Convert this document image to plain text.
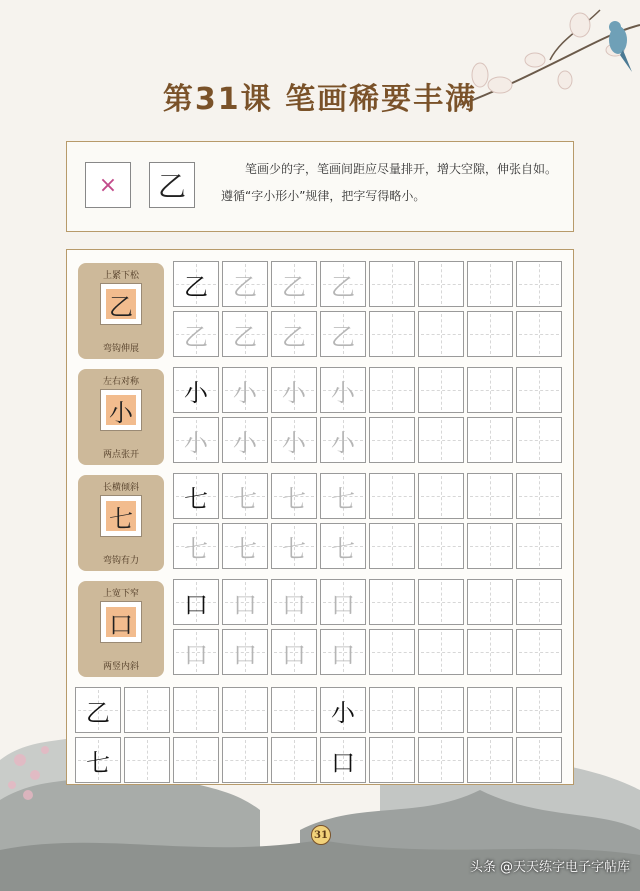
第31课 笔画稀要丰满
× 乙
笔画少的字，笔画间距应尽量排开，增大空隙，伸张自如。遵循“字小形小”规律，把字写得略小。
上紧下松
乙
弯钩伸展
乙	乙	乙	乙
乙	乙	乙	乙
左右对称
小
两点张开
小	小	小	小
小	小	小	小
长横倾斜
七
弯钩有力
七	七	七	七
七	七	七	七
上宽下窄
口
两竖内斜
口	口	口	口
口	口	口	口
乙	小
七	口
31
头条 @天天练字电子字帖库
